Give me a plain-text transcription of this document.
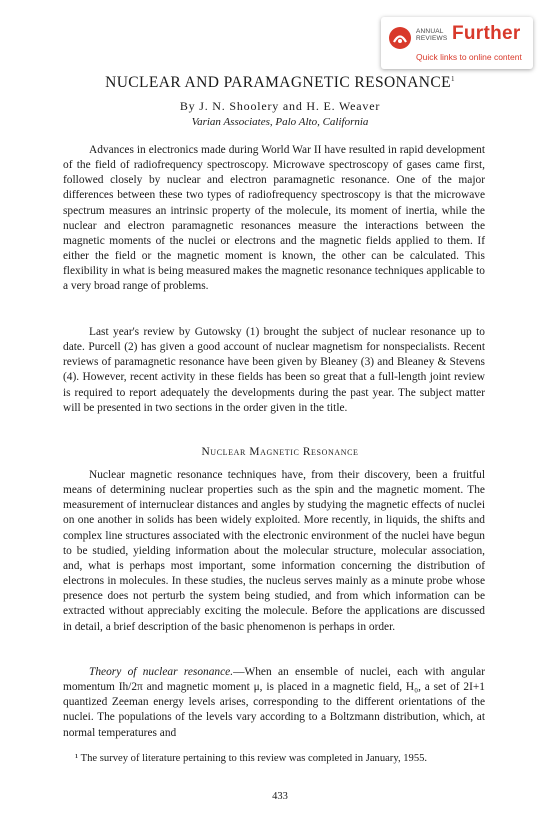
ANNUAL
REVIEWS Further
Quick links to online content
NUCLEAR AND PARAMAGNETIC RESONANCE$^1$
By J. N. Shoolery and H. E. Weaver
Varian Associates, Palo Alto, California

Advances in electronics made during World War II have resulted in rapid development of the field of radiofrequency spectroscopy. Microwave spectroscopy of gases came first, followed closely by nuclear and electron paramagnetic resonance. One of the major differences between these two types of radiofrequency spectroscopy is that the microwave spectrum measures an intrinsic property of the molecule, its moment of inertia, while the nuclear and electron paramagnetic resonances measure the interactions between the magnetic moments of the nuclei or electrons and the magnetic fields applied to them. If either the field or the magnetic moment is known, the other can be calculated. This flexibility in what is being measured makes the magnetic resonance techniques applicable to a very broad range of problems.

Last year's review by Gutowsky (1) brought the subject of nuclear resonance up to date. Purcell (2) has given a good account of nuclear magnetism for nonspecialists. Recent reviews of paramagnetic resonance have been given by Bleaney (3) and Bleaney & Stevens (4). However, recent activity in these fields has been so great that a full-length joint review is required to report adequately the developments during the past year. The subject matter will be presented in two sections in the order given in the title.

Nuclear Magnetic Resonance

Nuclear magnetic resonance techniques have, from their discovery, been a fruitful means of determining nuclear properties such as the spin and the magnetic moment. The measurement of internuclear distances and angles by studying the magnetic effects of nuclei on one another in solids has been widely exploited. More recently, in liquids, the shifts and complex line structures associated with the electronic environment of the nuclei have begun to be studied, yielding information about the molecular structure, molecular association, and, what is perhaps most important, some information concerning the distribution of electrons in molecules. In these studies, the nucleus serves mainly as a minute probe whose presence does not perturb the system being studied, and from which information can be extracted without appreciably exciting the molecule. Before the applications are discussed in detail, a brief description of the basic phenomenon is perhaps in order.

Theory of nuclear resonance.—When an ensemble of nuclei, each with angular momentum Ih/2π and magnetic moment μ, is placed in a magnetic field, H₀, a set of 2I+1 quantized Zeeman energy levels arises, corresponding to the different orientations of the nuclei. The populations of the levels vary according to a Boltzmann distribution, which, at normal temperatures and

¹ The survey of literature pertaining to this review was completed in January, 1955.

433
